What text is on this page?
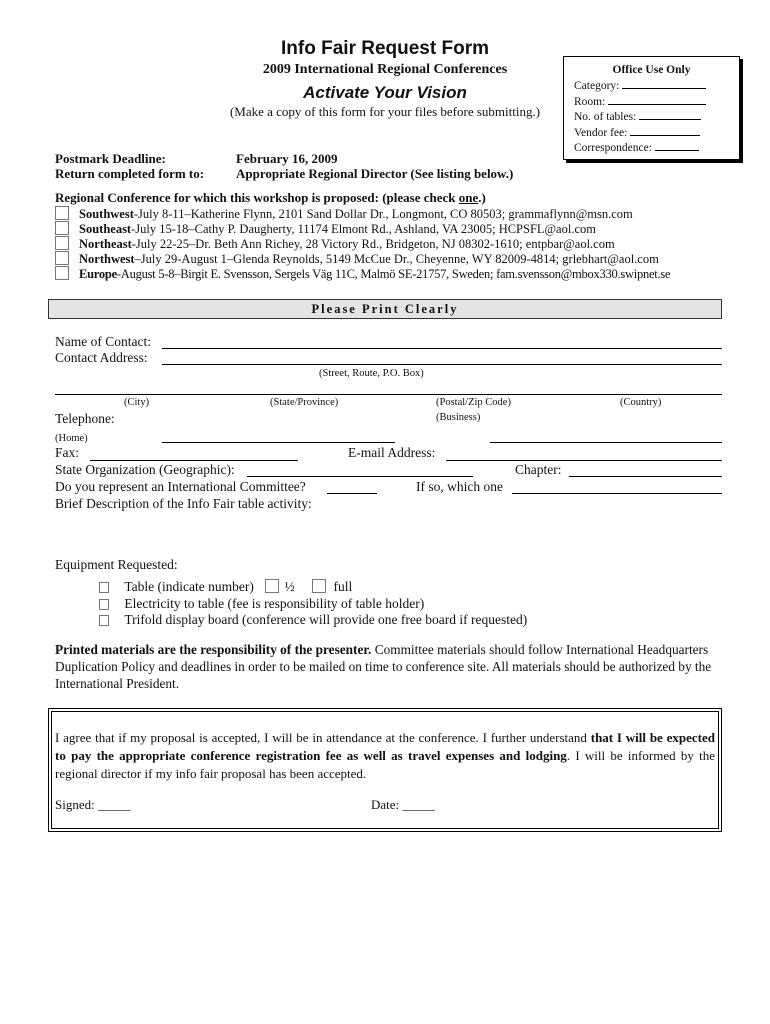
Info Fair Request Form
2009 International Regional Conferences
Activate Your Vision
(Make a copy of this form for your files before submitting.)
Office Use Only
Category:
Room:
No. of tables:
Vendor fee:
Correspondence:
Postmark Deadline:	February 16, 2009
Return completed form to: Appropriate Regional Director (See listing below.)
Regional Conference for which this workshop is proposed: (please check one.)
Southwest-July 8-11–Katherine Flynn, 2101 Sand Dollar Dr., Longmont, CO 80503; grammaflynn@msn.com
Southeast-July 15-18–Cathy P. Daugherty, 11174 Elmont Rd., Ashland, VA 23005; HCPSFL@aol.com
Northeast-July 22-25–Dr. Beth Ann Richey, 28 Victory Rd., Bridgeton, NJ 08302-1610; entpbar@aol.com
Northwest–July 29-August 1–Glenda Reynolds, 5149 McCue Dr., Cheyenne, WY 82009-4814; grlebhart@aol.com
Europe-August 5-8–Birgit E. Svensson, Sergels Väg 11C, Malmö SE-21757, Sweden; fam.svensson@mbox330.swipnet.se
Please Print Clearly
Name of Contact:
Contact Address:
(Street, Route, P.O. Box)
(City)	(State/Province)	(Postal/Zip Code)	(Country)
Telephone:	(Business)
(Home)
Fax:	E-mail Address:
State Organization (Geographic):	Chapter:
Do you represent an International Committee?	If so, which one
Brief Description of the Info Fair table activity:
Equipment Requested:
Table (indicate number) ½	full
Electricity to table (fee is responsibility of table holder)
Trifold display board (conference will provide one free board if requested)
Printed materials are the responsibility of the presenter. Committee materials should follow International Headquarters Duplication Policy and deadlines in order to be mailed on time to conference site. All materials should be authorized by the International President.
I agree that if my proposal is accepted, I will be in attendance at the conference. I further understand that I will be expected to pay the appropriate conference registration fee as well as travel expenses and lodging. I will be informed by the regional director if my info fair proposal has been accepted.
Signed: _____	Date: _____
